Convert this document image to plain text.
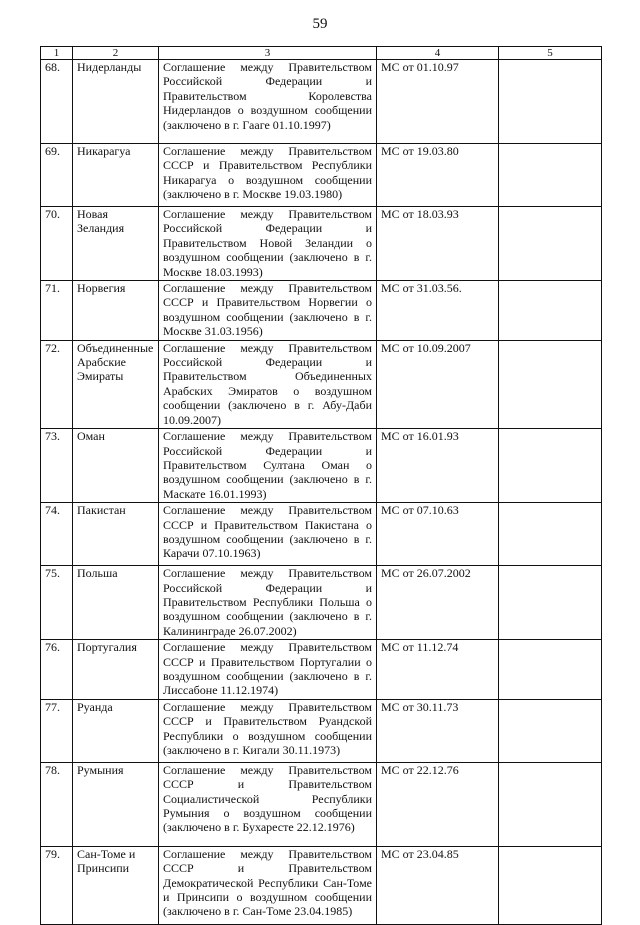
59
1	2	3	4	5
68.	Нидерланды	Соглашение между Правительством Российской Федерации и Правительством Королевства Нидерландов о воздушном сообщении (заключено в г. Гааге 01.10.1997)	МС от 01.10.97	
69.	Никарагуа	Соглашение между Правительством СССР и Правительством Республики Никарагуа о воздушном сообщении (заключено в г. Москве 19.03.1980)	МС от 19.03.80	
70.	Новая Зеландия	Соглашение между Правительством Российской Федерации и Правительством Новой Зеландии о воздушном сообщении (заключено в г. Москве 18.03.1993)	МС от 18.03.93	
71.	Норвегия	Соглашение между Правительством СССР и Правительством Норвегии о воздушном сообщении (заключено в г. Москве 31.03.1956)	МС от 31.03.56.	
72.	Объединенные Арабские Эмираты	Соглашение между Правительством Российской Федерации и Правительством Объединенных Арабских Эмиратов о воздушном сообщении (заключено в г. Абу-Даби 10.09.2007)	МС от 10.09.2007	
73.	Оман	Соглашение между Правительством Российской Федерации и Правительством Султана Оман о воздушном сообщении (заключено в г. Маскате 16.01.1993)	МС от 16.01.93	
74.	Пакистан	Соглашение между Правительством СССР и Правительством Пакистана о воздушном сообщении (заключено в г. Карачи 07.10.1963)	МС от 07.10.63	
75.	Польша	Соглашение между Правительством Российской Федерации и Правительством Республики Польша о воздушном сообщении (заключено в г. Калининграде 26.07.2002)	МС от 26.07.2002	
76.	Португалия	Соглашение между Правительством СССР и Правительством Португалии о воздушном сообщении (заключено в г. Лиссабоне 11.12.1974)	МС от 11.12.74	
77.	Руанда	Соглашение между Правительством СССР и Правительством Руандской Республики о воздушном сообщении (заключено в г. Кигали 30.11.1973)	МС от 30.11.73	
78.	Румыния	Соглашение между Правительством СССР и Правительством Социалистической Республики Румыния о воздушном сообщении (заключено в г. Бухаресте 22.12.1976)	МС от 22.12.76	
79.	Сан-Томе и Принсипи	Соглашение между Правительством СССР и Правительством Демократической Республики Сан-Томе и Принсипи о воздушном сообщении (заключено в г. Сан-Томе 23.04.1985)	МС от 23.04.85	
